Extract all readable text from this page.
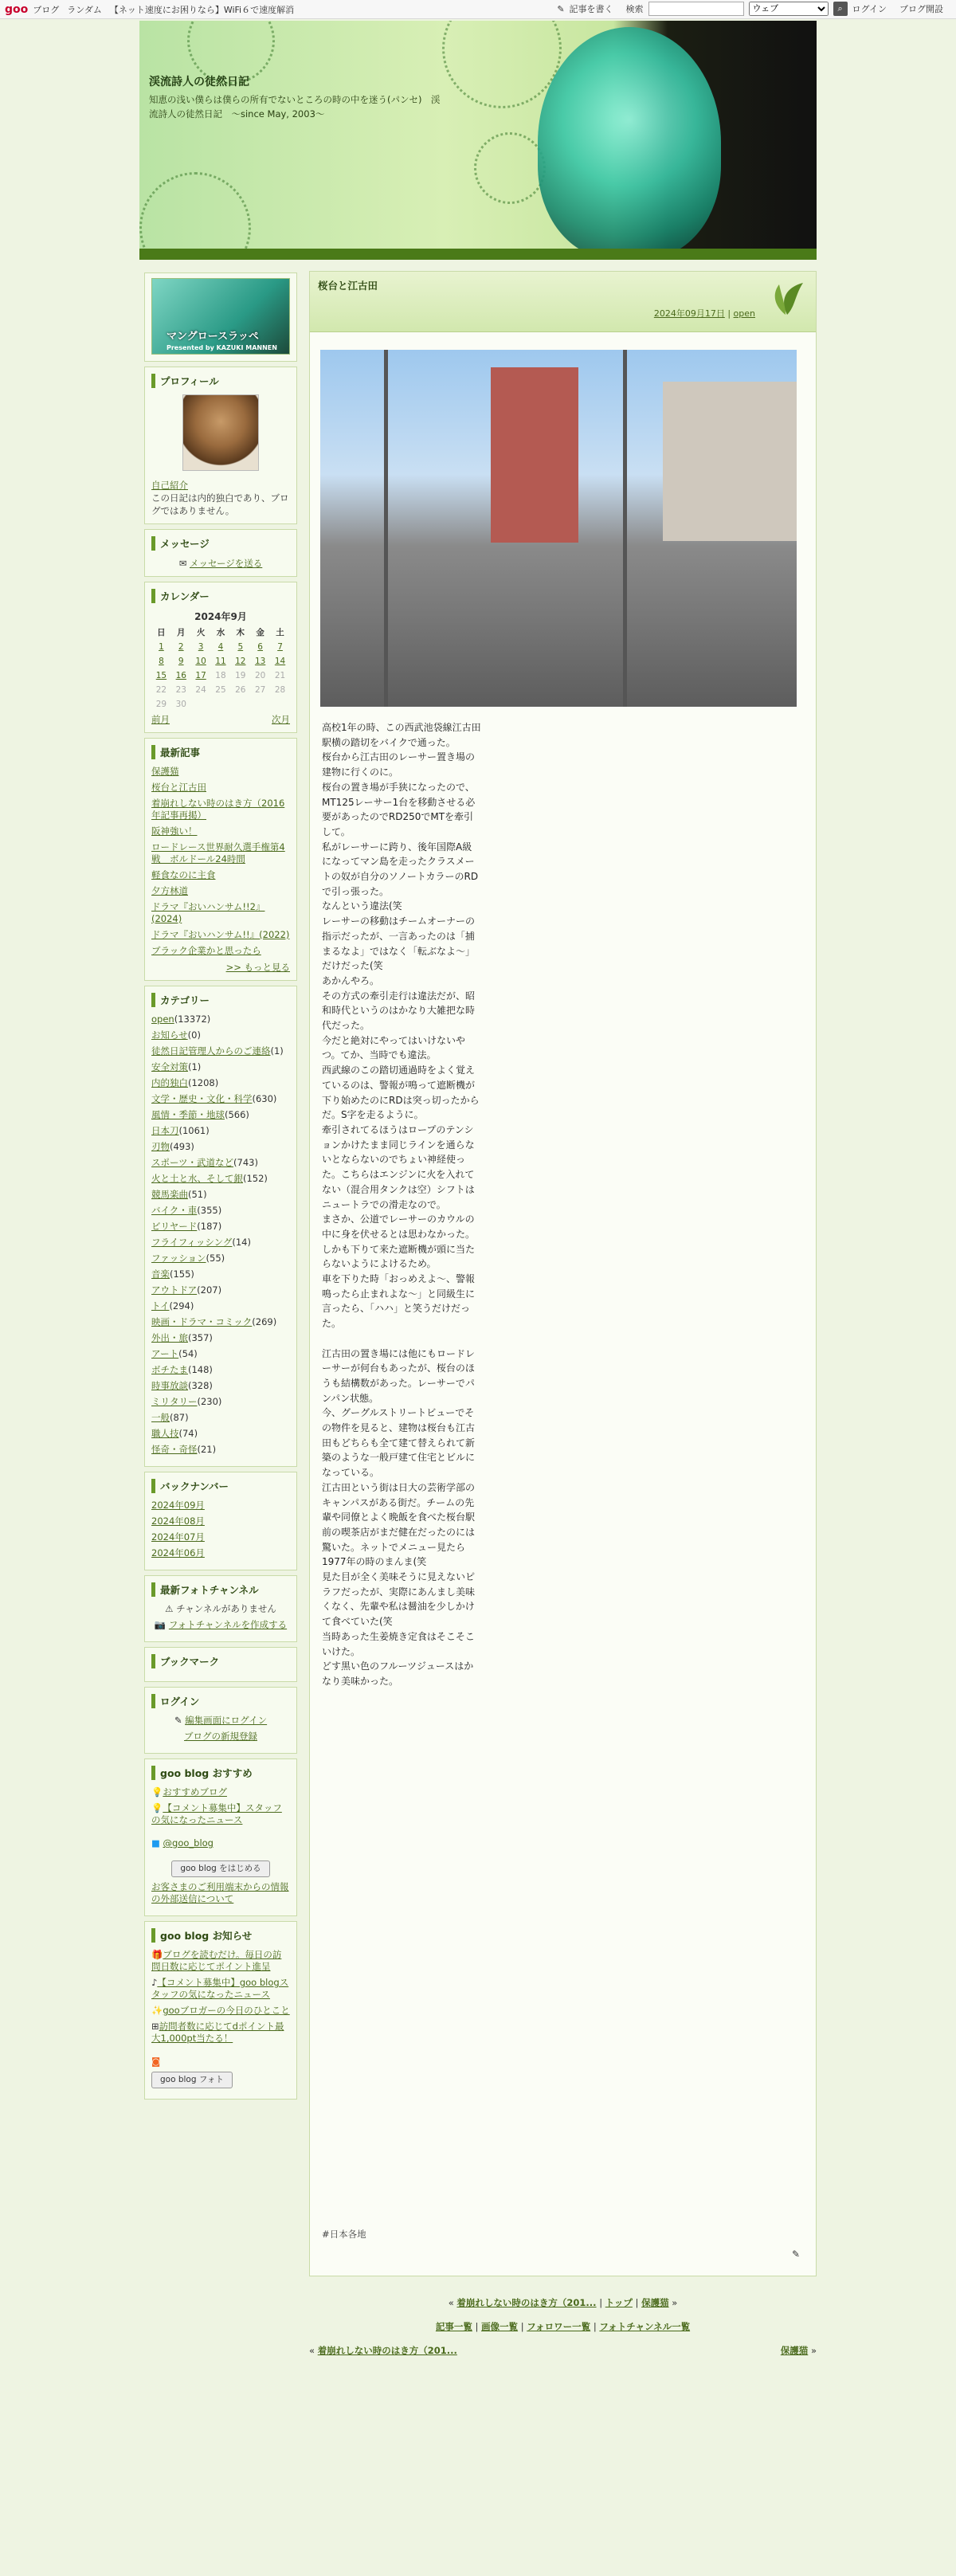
goo ブログ ランダム 【ネット速度にお困りなら】WiFi６で速度解消	✎ 記事を書く 検索
ウェブ	⌕	ログイン ブログ開設
渓流詩人の徒然日記
知恵の浅い僕らは僕らの所有でないところの時の中を迷う(パンセ)　渓流詩人の徒然日記　～since May, 2003～
マングロースラッペ
Presented by KAZUKI MANNEN
プロフィール
自己紹介
この日記は内的独白であり、ブログではありません。
メッセージ
✉ メッセージを送る
カレンダー
2024年9月
日	月	火	水	木	金	土
1	2	3	4	5	6	7
8	9	10	11	12	13	14
15	16	17	18	19	20	21
22	23	24	25	26	27	28
29	30					
前月	次月
最新記事
保護猫
桜台と江古田
着崩れしない時のはき方（2016年記事再掲）
阪神強い！
ロードレース世界耐久選手権第4戦　ボルドール24時間
軽食なのに主食
夕方林道
ドラマ『おいハンサム!!2』(2024)
ドラマ『おいハンサム!!』(2022)
ブラック企業かと思ったら
>> もっと見る
カテゴリー
open(13372)
お知らせ(0)
徒然日記管理人からのご連絡(1)
安全対策(1)
内的独白(1208)
文学・歴史・文化・科学(630)
風情・季節・地球(566)
日本刀(1061)
刃物(493)
スポーツ・武道など(743)
火と土と水、そして銀(152)
競馬楽曲(51)
バイク・車(355)
ビリヤード(187)
フライフィッシング(14)
ファッション(55)
音楽(155)
アウトドア(207)
トイ(294)
映画・ドラマ・コミック(269)
外出・旅(357)
アート(54)
ボチたま(148)
時事放談(328)
ミリタリー(230)
一般(87)
職人技(74)
怪奇・奇怪(21)
バックナンバー
2024年09月
2024年08月
2024年07月
2024年06月
最新フォトチャンネル
⚠ チャンネルがありません
📷 フォトチャンネルを作成する
ブックマーク
ログイン
✎ 編集画面にログイン
ブログの新規登録
goo blog おすすめ
💡おすすめブログ
💡【コメント募集中】スタッフの気になったニュース
■ @goo_blog
goo blog をはじめる
お客さまのご利用端末からの情報の外部送信について
goo blog お知らせ
🎁ブログを読むだけ。毎日の訪問日数に応じてポイント進呈
♪【コメント募集中】goo blogスタッフの気になったニュース
✨gooブロガーの今日のひとこと
⊞訪問者数に応じてdポイント最大1,000pt当たる！
◙
goo blog フォト
桜台と江古田
2024年09月17日 | open
高校1年の時、この西武池袋線江古田駅横の踏切をバイクで通った。
桜台から江古田のレーサー置き場の建物に行くのに。
桜台の置き場が手狭になったので、MT125レーサー1台を移動させる必要があったのでRD250でMTを牽引して。
私がレーサーに跨り、後年国際A級になってマン島を走ったクラスメートの奴が自分のソノートカラーのRDで引っ張った。
なんという違法(笑
レーサーの移動はチームオーナーの指示だったが、一言あったのは「捕まるなよ」ではなく「転ぶなよ～」だけだった(笑
あかんやろ。
その方式の牽引走行は違法だが、昭和時代というのはかなり大雑把な時代だった。
今だと絶対にやってはいけないやつ。てか、当時でも違法。
西武線のこの踏切通過時をよく覚えているのは、警報が鳴って遮断機が下り始めたのにRDは突っ切ったからだ。S字を走るように。
牽引されてるほうはロープのテンションかけたまま同じラインを通らないとならないのでちょい神経使った。こちらはエンジンに火を入れてない（混合用タンクは空）シフトはニュートラでの滑走なので。
まさか、公道でレーサーのカウルの中に身を伏せるとは思わなかった。しかも下りて来た遮断機が頭に当たらないようによけるため。
車を下りた時「おっめえよ～、警報鳴ったら止まれよな～」と同級生に言ったら、「ハハ」と笑うだけだった。

江古田の置き場には他にもロードレーサーが何台もあったが、桜台のほうも結構数があった。レーサーでパンパン状態。
今、グーグルストリートビューでその物件を見ると、建物は桜台も江古田もどちらも全て建て替えられて新築のような一般戸建て住宅とビルになっている。
江古田という街は日大の芸術学部のキャンパスがある街だ。チームの先輩や同僚とよく晩飯を食べた桜台駅前の喫茶店がまだ健在だったのには驚いた。ネットでメニュー見たら1977年の時のまんま(笑
見た目が全く美味そうに見えないピラフだったが、実際にあんまし美味くなく、先輩や私は醤油を少しかけて食べていた(笑
当時あった生姜焼き定食はそこそこいけた。
どす黒い色のフルーツジュースはかなり美味かった。
#日本各地
✎
« 着崩れしない時のはき方（201... | トップ | 保護猫 »
記事一覧 | 画像一覧 | フォロワー一覧 | フォトチャンネル一覧
« 着崩れしない時のはき方（201...	保護猫 »
